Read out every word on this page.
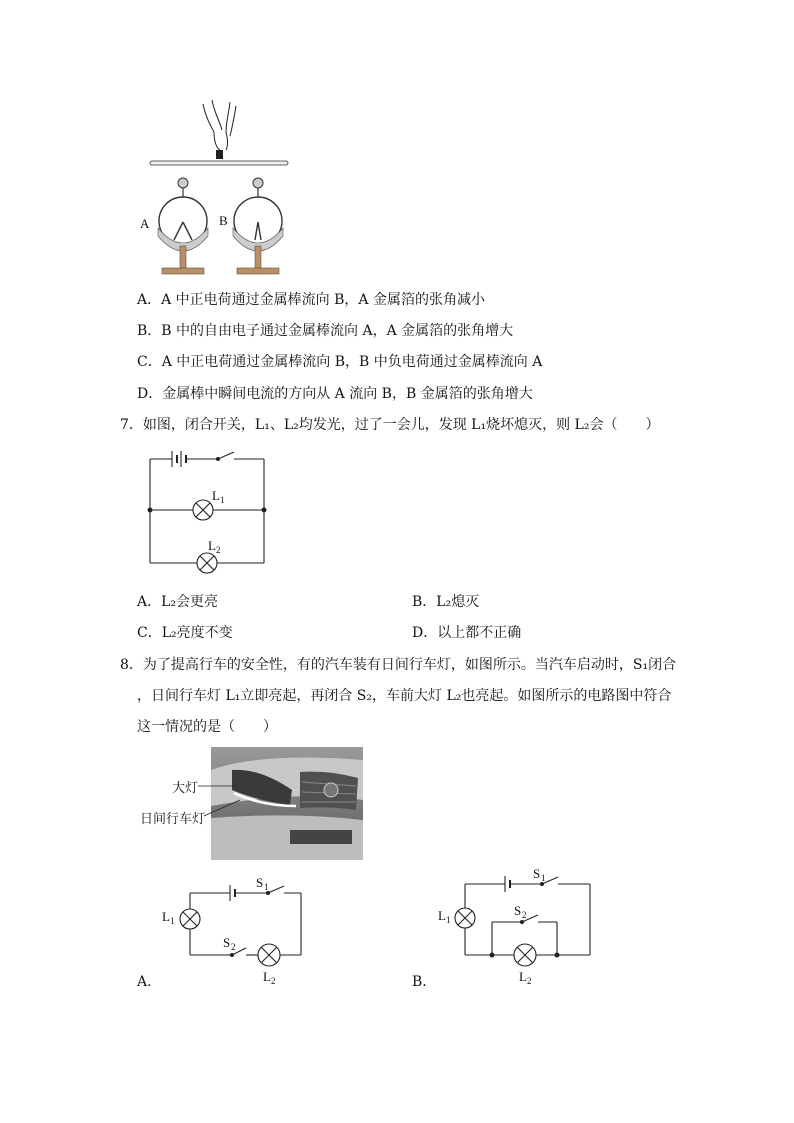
A	B
A．A 中正电荷通过金属棒流向 B，A 金属箔的张角减小
B．B 中的自由电子通过金属棒流向 A，A 金属箔的张角增大
C．A 中正电荷通过金属棒流向 B，B 中负电荷通过金属棒流向 A
D．金属棒中瞬间电流的方向从 A 流向 B，B 金属箔的张角增大
7．如图，闭合开关，L₁、L₂均发光，过了一会儿，发现 L₁烧坏熄灭，则 L₂会（　　）
L 1
L 2
A．L₂会更亮	B．L₂熄灭
C．L₂亮度不变	D．以上都不正确
8．为了提高行车的安全性，有的汽车装有日间行车灯，如图所示。当汽车启动时，S₁闭合
，日间行车灯 L₁立即亮起，再闭合 S₂，车前大灯 L₂也亮起。如图所示的电路图中符合
这一情况的是（　　）
大灯
日间行车灯
S 1
L 1
S 2
L 2
A．
S 1
L 1
S 2
L 2
B．
